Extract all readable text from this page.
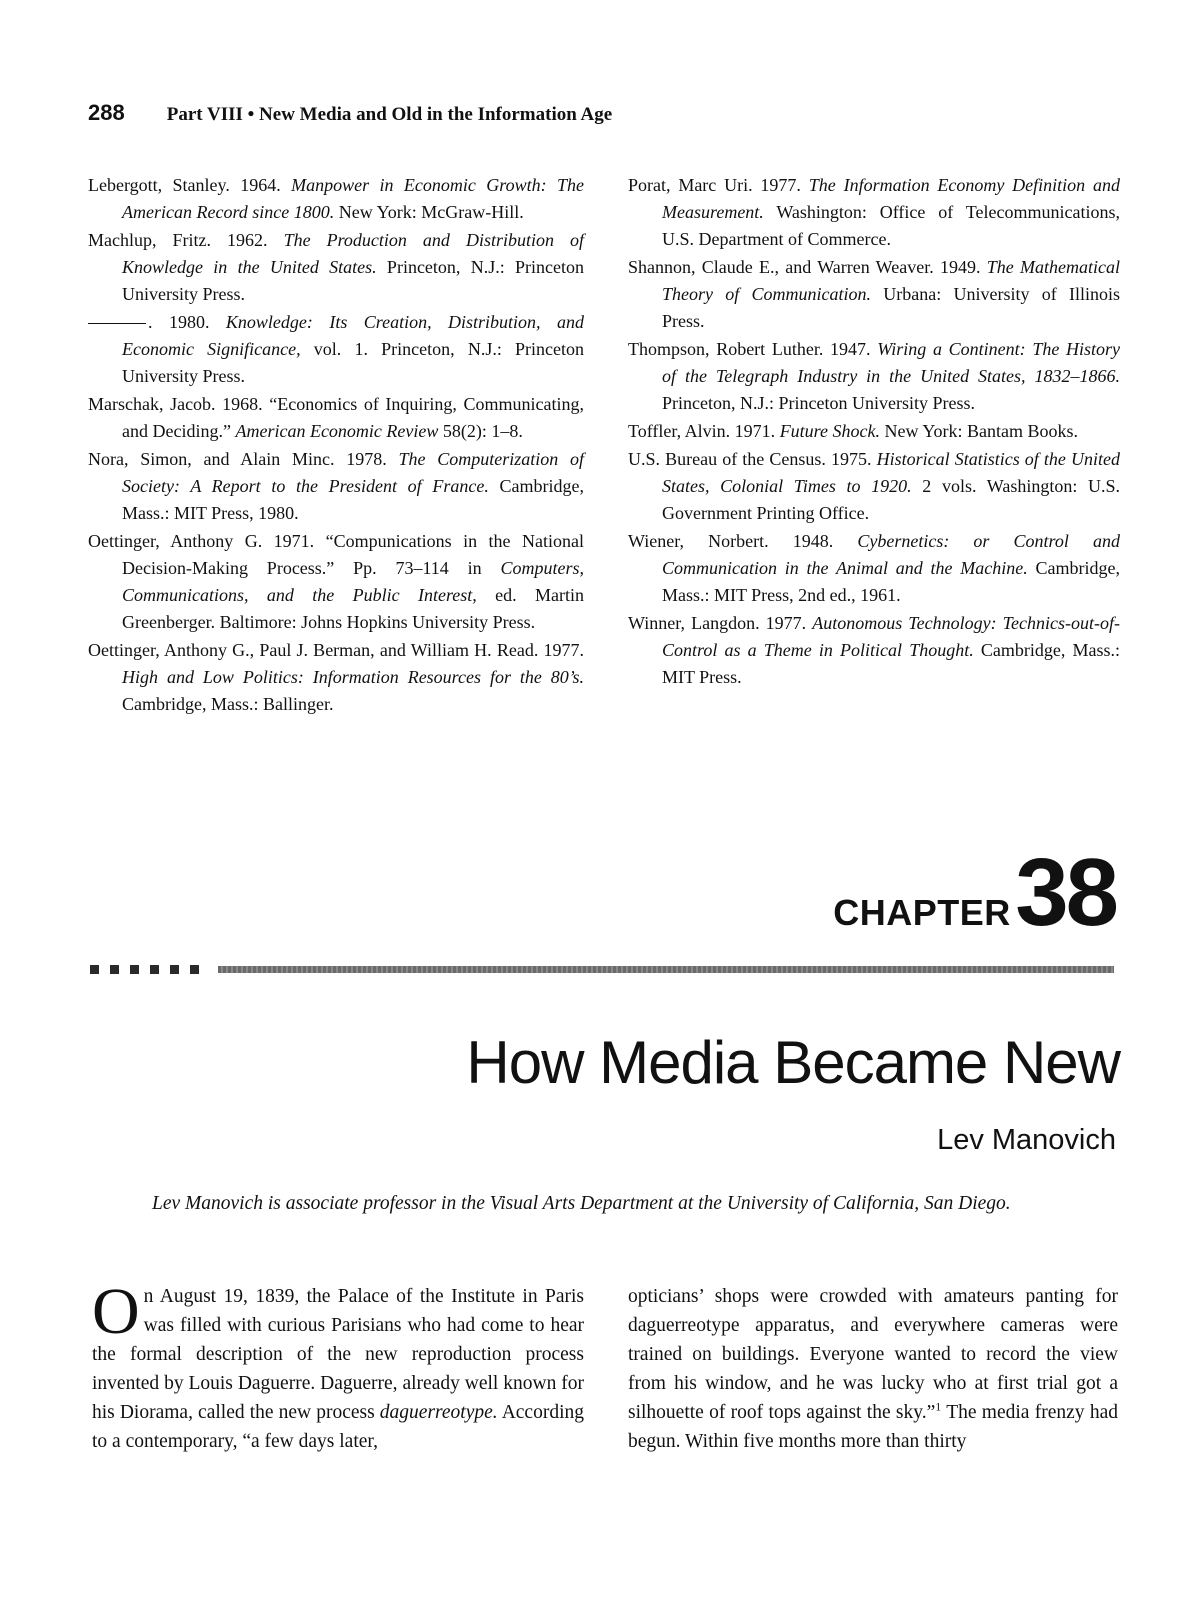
288 Part VIII • New Media and Old in the Information Age

Lebergott, Stanley. 1964. Manpower in Economic Growth: The American Record since 1800. New York: McGraw-Hill.

Machlup, Fritz. 1962. The Production and Distribution of Knowledge in the United States. Princeton, N.J.: Princeton University Press.

. 1980. Knowledge: Its Creation, Distribution, and Economic Significance, vol. 1. Princeton, N.J.: Princeton University Press.

Marschak, Jacob. 1968. “Economics of Inquiring, Communicating, and Deciding.” American Economic Review 58(2): 1–8.

Nora, Simon, and Alain Minc. 1978. The Computerization of Society: A Report to the President of France. Cambridge, Mass.: MIT Press, 1980.

Oettinger, Anthony G. 1971. “Compunications in the National Decision-Making Process.” Pp. 73–114 in Computers, Communications, and the Public Interest, ed. Martin Greenberger. Baltimore: Johns Hopkins University Press.

Oettinger, Anthony G., Paul J. Berman, and William H. Read. 1977. High and Low Politics: Information Resources for the 80’s. Cambridge, Mass.: Ballinger.

Porat, Marc Uri. 1977. The Information Economy Definition and Measurement. Washington: Office of Telecommunications, U.S. Department of Commerce.

Shannon, Claude E., and Warren Weaver. 1949. The Mathematical Theory of Communication. Urbana: University of Illinois Press.

Thompson, Robert Luther. 1947. Wiring a Continent: The History of the Telegraph Industry in the United States, 1832–1866. Princeton, N.J.: Princeton University Press.

Toffler, Alvin. 1971. Future Shock. New York: Bantam Books.

U.S. Bureau of the Census. 1975. Historical Statistics of the United States, Colonial Times to 1920. 2 vols. Washington: U.S. Government Printing Office.

Wiener, Norbert. 1948. Cybernetics: or Control and Communication in the Animal and the Machine. Cambridge, Mass.: MIT Press, 2nd ed., 1961.

Winner, Langdon. 1977. Autonomous Technology: Technics-out-of-Control as a Theme in Political Thought. Cambridge, Mass.: MIT Press.

CHAPTER 38
How Media Became New
Lev Manovich

Lev Manovich is associate professor in the Visual Arts Department at the University of California, San Diego.

On August 19, 1839, the Palace of the Institute in Paris was filled with curious Parisians who had come to hear the formal description of the new reproduction process invented by Louis Daguerre. Daguerre, already well known for his Diorama, called the new process daguerreotype. According to a contemporary, “a few days later,

opticians’ shops were crowded with amateurs panting for daguerreotype apparatus, and everywhere cameras were trained on buildings. Everyone wanted to record the view from his window, and he was lucky who at first trial got a silhouette of roof tops against the sky.”$^1$ The media frenzy had begun. Within five months more than thirty
